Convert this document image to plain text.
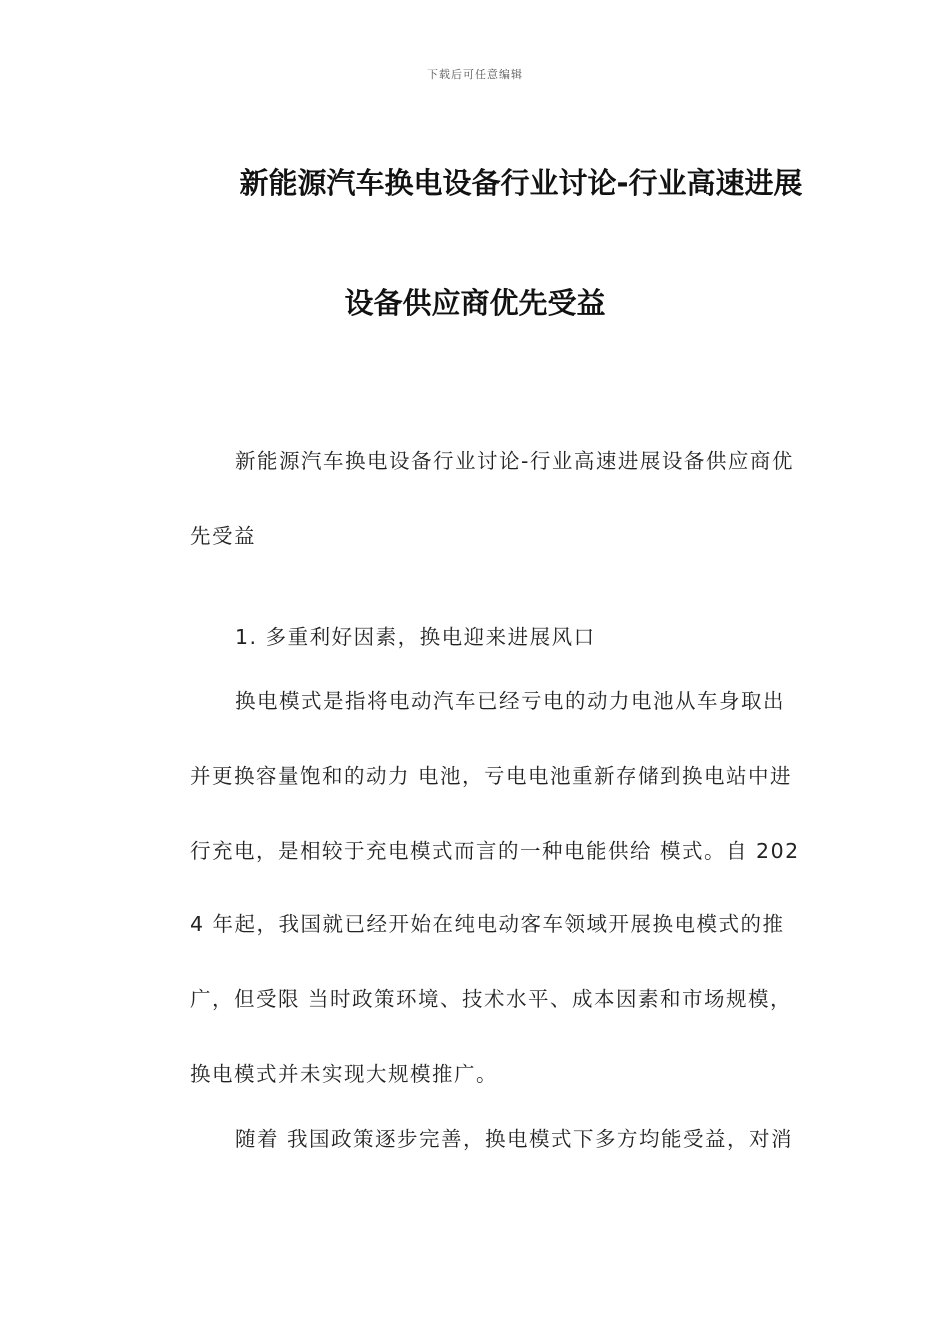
下载后可任意编辑
新能源汽车换电设备行业讨论-行业高速进展
设备供应商优先受益

新能源汽车换电设备行业讨论-行业高速进展设备供应商优

先受益

1. 多重利好因素，换电迎来进展风口

换电模式是指将电动汽车已经亏电的动力电池从车身取出

并更换容量饱和的动力 电池，亏电电池重新存储到换电站中进

行充电，是相较于充电模式而言的一种电能供给 模式。自 202

4 年起，我国就已经开始在纯电动客车领域开展换电模式的推

广，但受限 当时政策环境、技术水平、成本因素和市场规模，

换电模式并未实现大规模推广。

随着 我国政策逐步完善，换电模式下多方均能受益，对消
